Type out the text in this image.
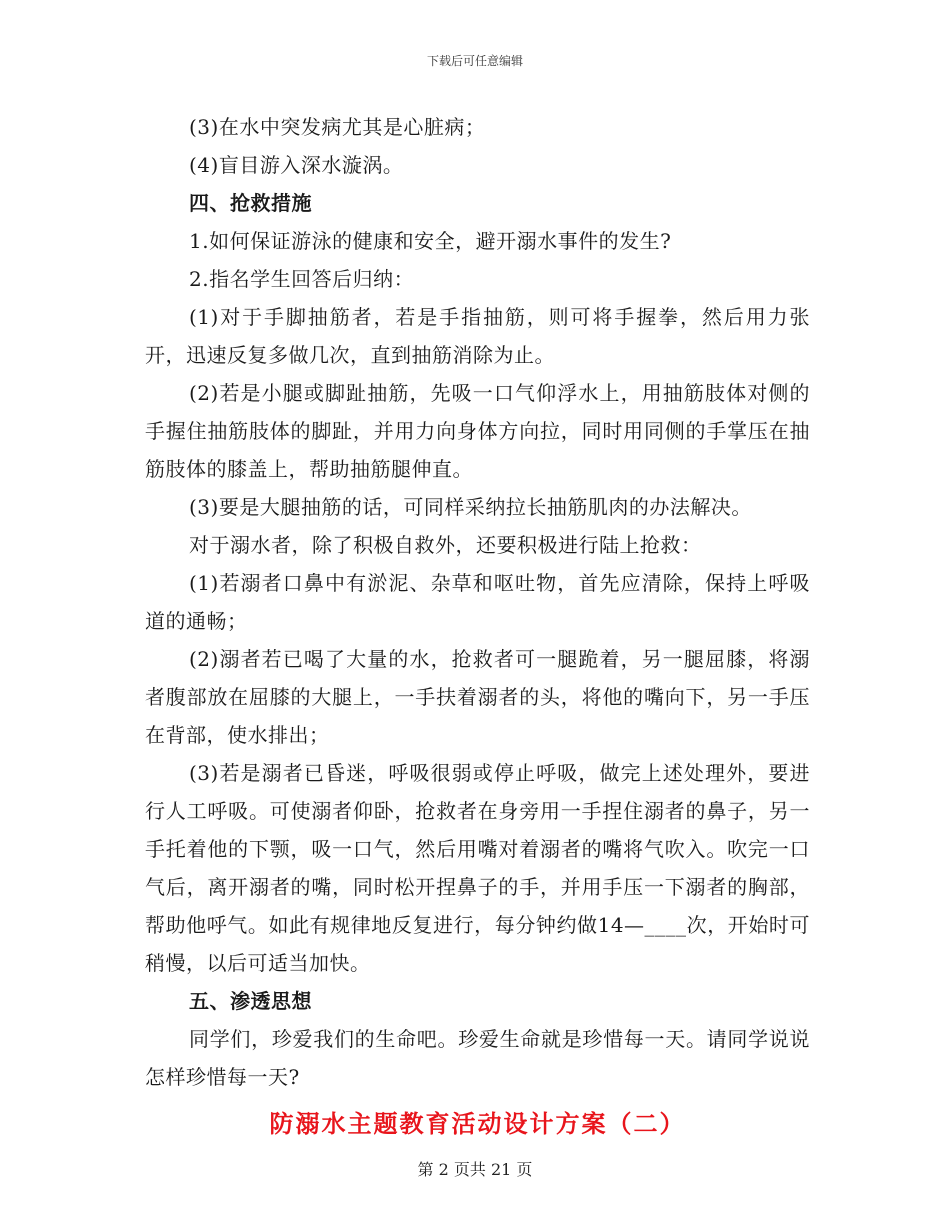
下载后可任意编辑

(3)在水中突发病尤其是心脏病；

(4)盲目游入深水漩涡。

四、抢救措施

1.如何保证游泳的健康和安全，避开溺水事件的发生?

2.指名学生回答后归纳：

(1)对于手脚抽筋者，若是手指抽筋，则可将手握拳，然后用力张开，迅速反复多做几次，直到抽筋消除为止。

(2)若是小腿或脚趾抽筋，先吸一口气仰浮水上，用抽筋肢体对侧的手握住抽筋肢体的脚趾，并用力向身体方向拉，同时用同侧的手掌压在抽筋肢体的膝盖上，帮助抽筋腿伸直。

(3)要是大腿抽筋的话，可同样采纳拉长抽筋肌肉的办法解决。

对于溺水者，除了积极自救外，还要积极进行陆上抢救：

(1)若溺者口鼻中有淤泥、杂草和呕吐物，首先应清除，保持上呼吸道的通畅；

(2)溺者若已喝了大量的水，抢救者可一腿跪着，另一腿屈膝，将溺者腹部放在屈膝的大腿上，一手扶着溺者的头，将他的嘴向下，另一手压在背部，使水排出；

(3)若是溺者已昏迷，呼吸很弱或停止呼吸，做完上述处理外，要进行人工呼吸。可使溺者仰卧，抢救者在身旁用一手捏住溺者的鼻子，另一手托着他的下颚，吸一口气，然后用嘴对着溺者的嘴将气吹入。吹完一口气后，离开溺者的嘴，同时松开捏鼻子的手，并用手压一下溺者的胸部，帮助他呼气。如此有规律地反复进行，每分钟约做14—____次，开始时可稍慢，以后可适当加快。

五、渗透思想

同学们，珍爱我们的生命吧。珍爱生命就是珍惜每一天。请同学说说怎样珍惜每一天?

防溺水主题教育活动设计方案（二）
第 2 页共 21 页
